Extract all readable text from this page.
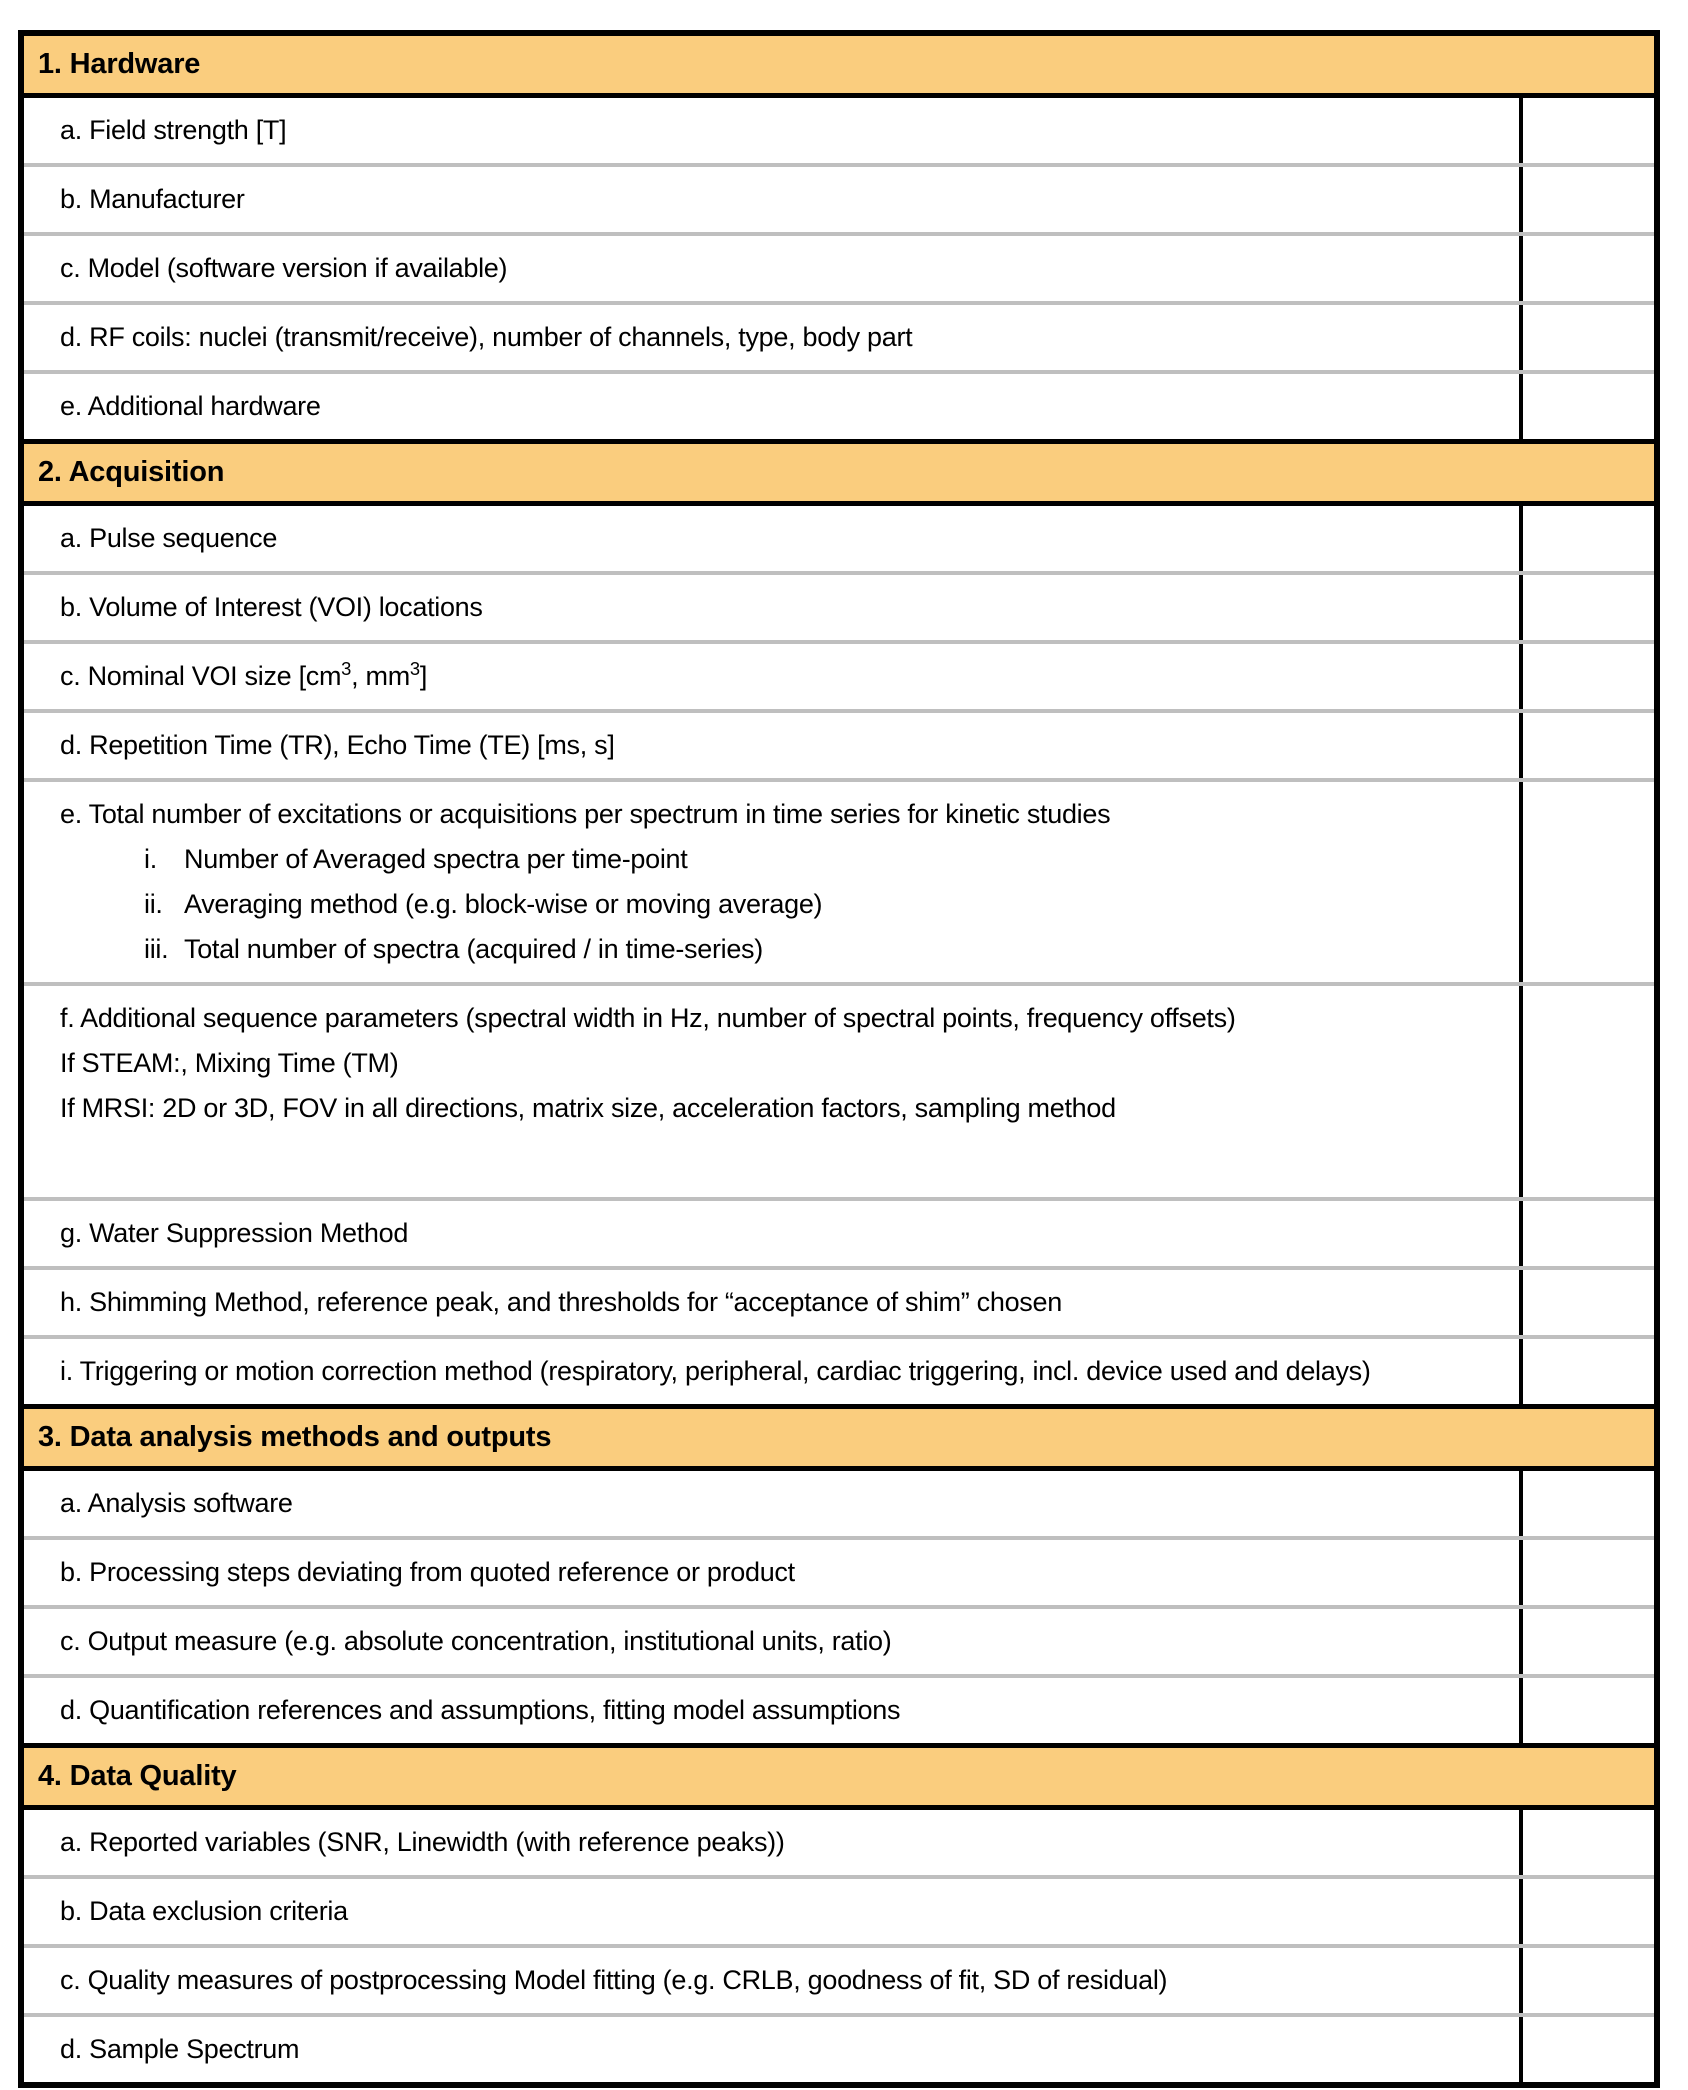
1. Hardware
a. Field strength [T]
b. Manufacturer
c. Model (software version if available)
d. RF coils: nuclei (transmit/receive), number of channels, type, body part
e. Additional hardware
2. Acquisition
a. Pulse sequence
b. Volume of Interest (VOI) locations
c. Nominal VOI size [$cm^3$, $mm^3$]
d. Repetition Time (TR), Echo Time (TE) [ms, s]
e. Total number of excitations or acquisitions per spectrum in time series for kinetic studies
i. Number of Averaged spectra per time-point
ii. Averaging method (e.g. block-wise or moving average)
iii. Total number of spectra (acquired / in time-series)
f. Additional sequence parameters (spectral width in Hz, number of spectral points, frequency offsets)
If STEAM:, Mixing Time (TM)
If MRSI: 2D or 3D, FOV in all directions, matrix size, acceleration factors, sampling method
g. Water Suppression Method
h. Shimming Method, reference peak, and thresholds for “acceptance of shim” chosen
i. Triggering or motion correction method (respiratory, peripheral, cardiac triggering, incl. device used and delays)
3. Data analysis methods and outputs
a. Analysis software
b. Processing steps deviating from quoted reference or product
c. Output measure (e.g. absolute concentration, institutional units, ratio)
d. Quantification references and assumptions, fitting model assumptions
4. Data Quality
a. Reported variables (SNR, Linewidth (with reference peaks))
b. Data exclusion criteria
c. Quality measures of postprocessing Model fitting (e.g. CRLB, goodness of fit, SD of residual)
d. Sample Spectrum
